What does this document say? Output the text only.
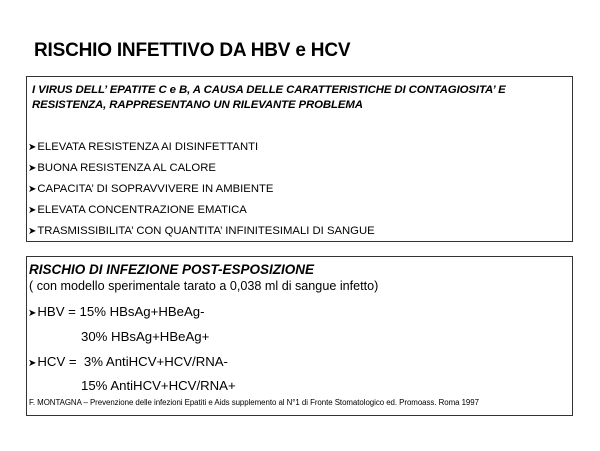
RISCHIO INFETTIVO DA HBV e HCV
I VIRUS DELL’ EPATITE C e B, A CAUSA DELLE CARATTERISTICHE DI CONTAGIOSITA’ E RESISTENZA, RAPPRESENTANO UN RILEVANTE PROBLEMA
➤ELEVATA RESISTENZA AI DISINFETTANTI
➤BUONA RESISTENZA AL CALORE
➤CAPACITA’ DI SOPRAVVIVERE IN AMBIENTE
➤ELEVATA CONCENTRAZIONE EMATICA
➤TRASMISSIBILITA’ CON QUANTITA’ INFINITESIMALI DI SANGUE
RISCHIO DI INFEZIONE POST-ESPOSIZIONE
( con modello sperimentale tarato a 0,038 ml di sangue infetto)
➤HBV = 15% HBsAg+HBeAg-
30% HBsAg+HBeAg+
➤HCV =  3% AntiHCV+HCV/RNA-
15% AntiHCV+HCV/RNA+
F. MONTAGNA – Prevenzione delle infezioni Epatiti e Aids supplemento al N°1 di Fronte Stomatologico ed. Promoass. Roma 1997
